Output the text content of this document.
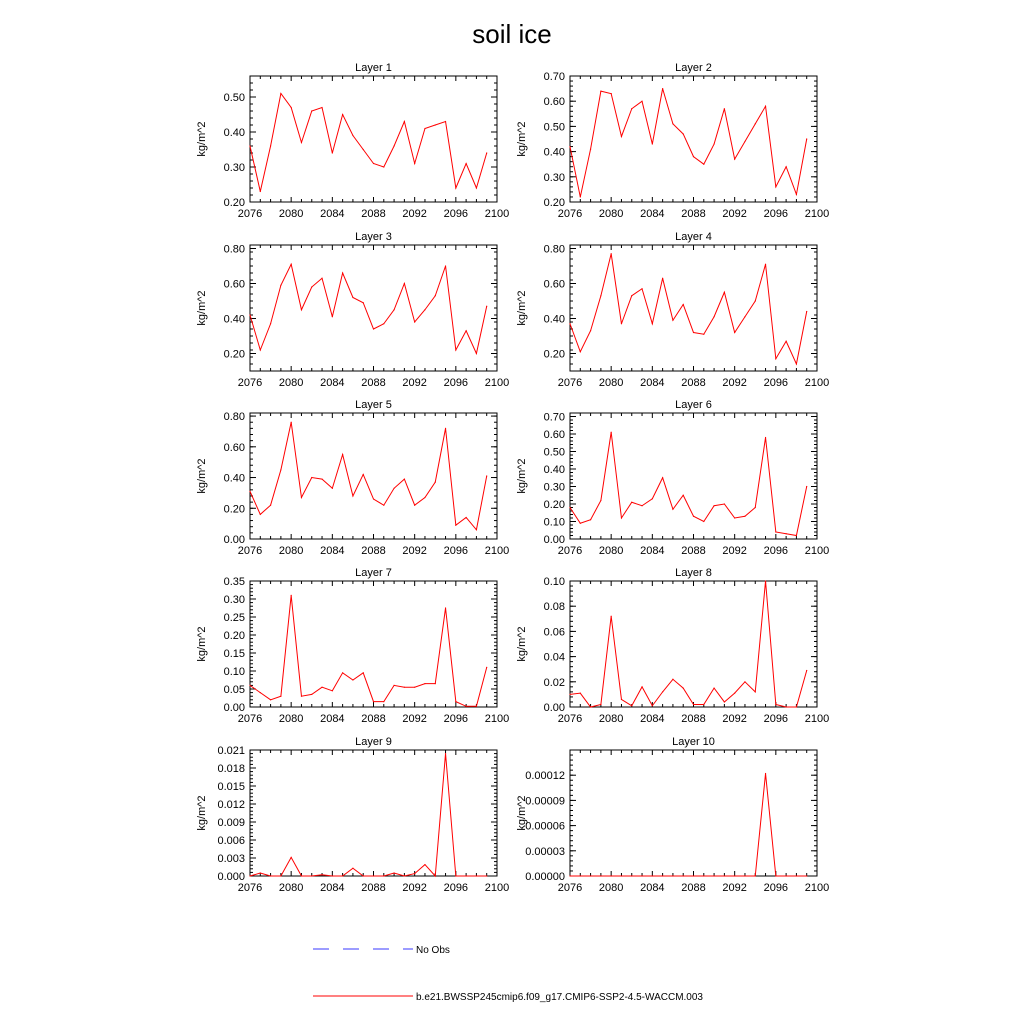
soil ice
Layer 1
kg/m^2
2076 2080 2084 2088 2092 2096 2100
0.20
0.30
0.40
0.50
Layer 2
kg/m^2
2076 2080 2084 2088 2092 2096 2100
0.20
0.30
0.40
0.50
0.60
0.70
Layer 3
kg/m^2
2076 2080 2084 2088 2092 2096 2100
0.20
0.40
0.60
0.80
Layer 4
kg/m^2
2076 2080 2084 2088 2092 2096 2100
0.20
0.40
0.60
0.80
Layer 5
kg/m^2
2076 2080 2084 2088 2092 2096 2100
0.00
0.20
0.40
0.60
0.80
Layer 6
kg/m^2
2076 2080 2084 2088 2092 2096 2100
0.00
0.10
0.20
0.30
0.40
0.50
0.60
0.70
Layer 7
kg/m^2
2076 2080 2084 2088 2092 2096 2100
0.00
0.05
0.10
0.15
0.20
0.25
0.30
0.35
Layer 8
kg/m^2
2076 2080 2084 2088 2092 2096 2100
0.00
0.02
0.04
0.06
0.08
0.10
Layer 9
kg/m^2
2076 2080 2084 2088 2092 2096 2100
0.000
0.003
0.006
0.009
0.012
0.015
0.018
0.021
Layer 10
kg/m^2
2076 2080 2084 2088 2092 2096 2100
0.00000
0.00003
0.00006
0.00009
0.00012
No Obs
b.e21.BWSSP245cmip6.f09_g17.CMIP6-SSP2-4.5-WACCM.003
